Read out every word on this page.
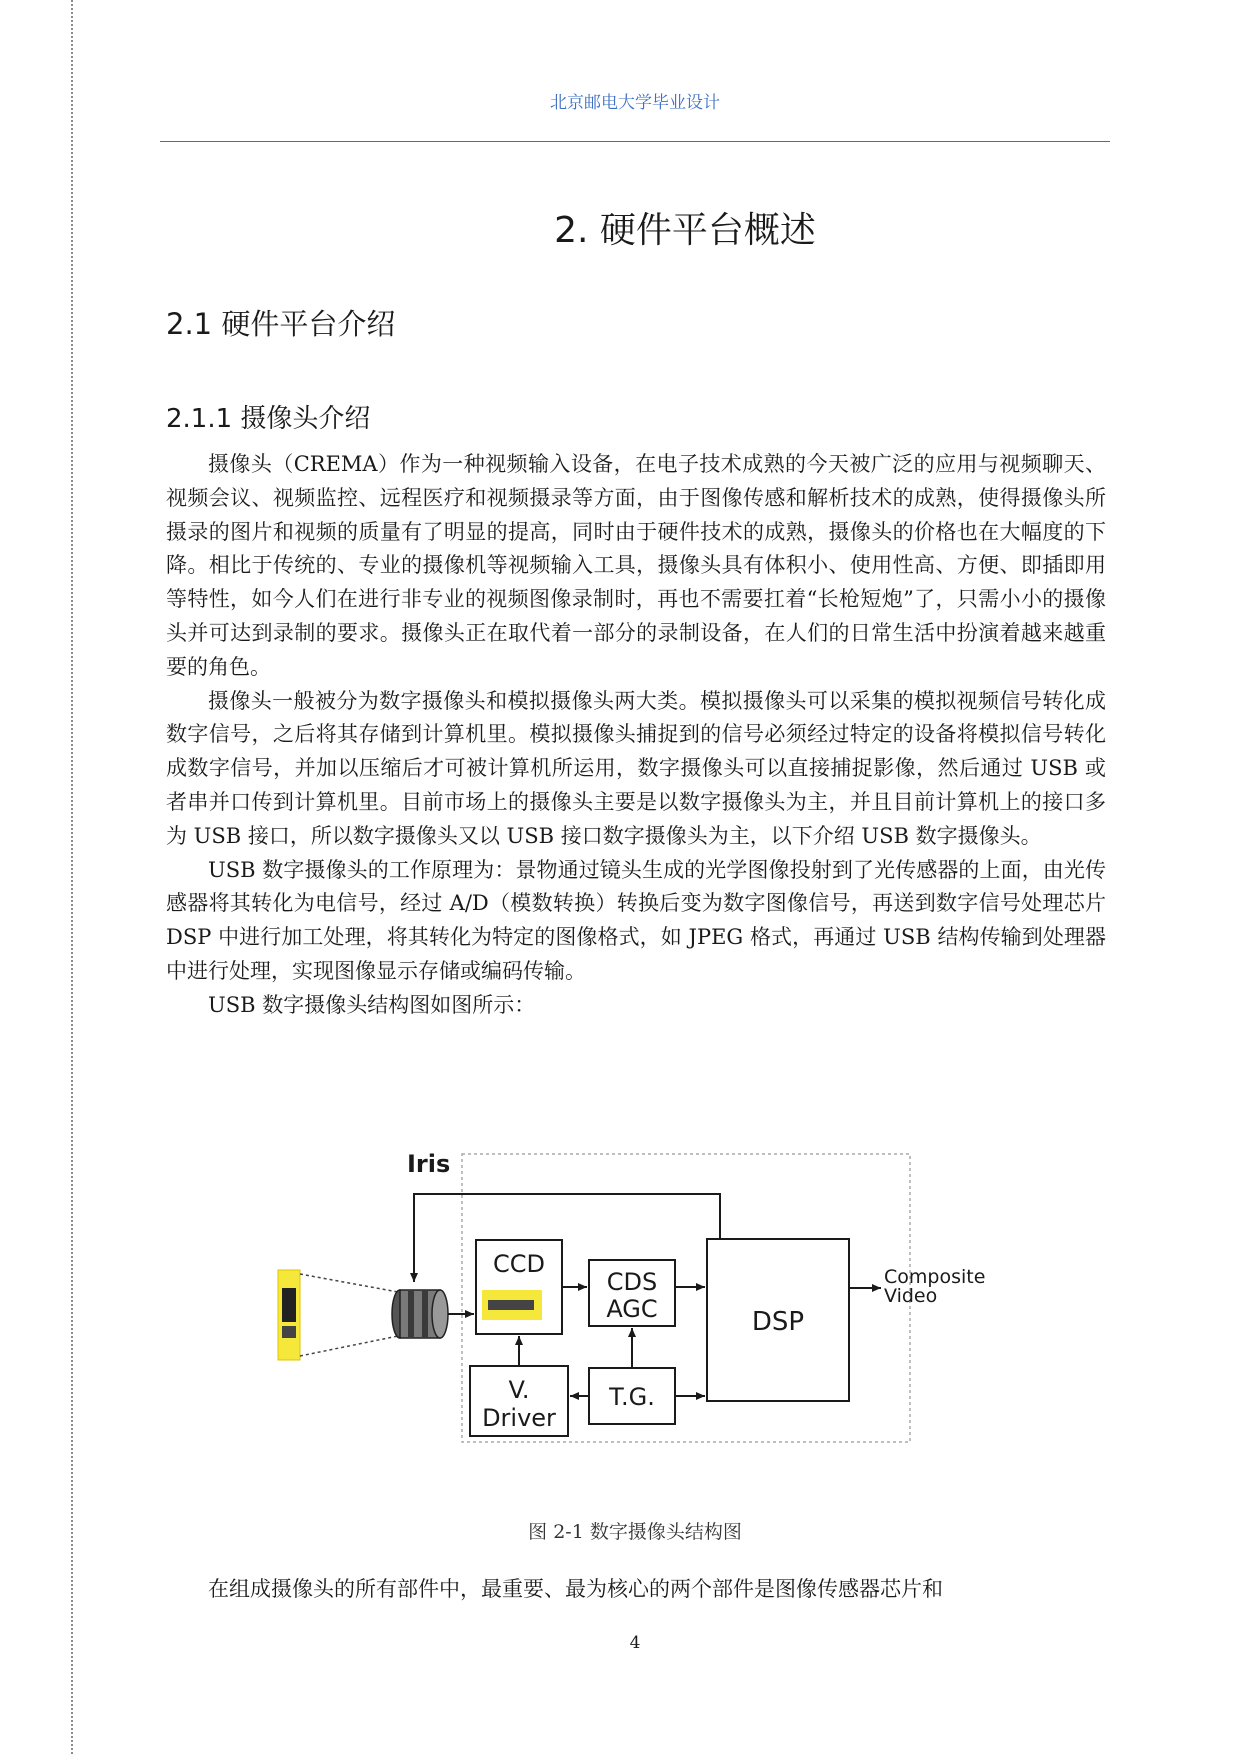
北京邮电大学毕业设计
2. 硬件平台概述
2.1 硬件平台介绍
2.1.1 摄像头介绍

摄像头（CREMA）作为一种视频输入设备，在电子技术成熟的今天被广泛的应用与视频聊天、视频会议、视频监控、远程医疗和视频摄录等方面，由于图像传感和解析技术的成熟，使得摄像头所摄录的图片和视频的质量有了明显的提高，同时由于硬件技术的成熟，摄像头的价格也在大幅度的下降。相比于传统的、专业的摄像机等视频输入工具，摄像头具有体积小、使用性高、方便、即插即用等特性，如今人们在进行非专业的视频图像录制时，再也不需要扛着“长枪短炮”了，只需小小的摄像头并可达到录制的要求。摄像头正在取代着一部分的录制设备，在人们的日常生活中扮演着越来越重要的角色。

摄像头一般被分为数字摄像头和模拟摄像头两大类。模拟摄像头可以采集的模拟视频信号转化成数字信号，之后将其存储到计算机里。模拟摄像头捕捉到的信号必须经过特定的设备将模拟信号转化成数字信号，并加以压缩后才可被计算机所运用，数字摄像头可以直接捕捉影像，然后通过 USB 或者串并口传到计算机里。目前市场上的摄像头主要是以数字摄像头为主，并且目前计算机上的接口多为 USB 接口，所以数字摄像头又以 USB 接口数字摄像头为主，以下介绍 USB 数字摄像头。

USB 数字摄像头的工作原理为：景物通过镜头生成的光学图像投射到了光传感器的上面，由光传感器将其转化为电信号，经过 A/D（模数转换）转换后变为数字图像信号，再送到数字信号处理芯片 DSP 中进行加工处理，将其转化为特定的图像格式，如 JPEG 格式，再通过 USB 结构传输到处理器中进行处理，实现图像显示存储或编码传输。

USB 数字摄像头结构图如图所示：

Iris
CCD
CDS
AGC	DSP
Composite
Video
V.
Driver
T.G.
图 2-1 数字摄像头结构图

在组成摄像头的所有部件中，最重要、最为核心的两个部件是图像传感器芯片和

4
